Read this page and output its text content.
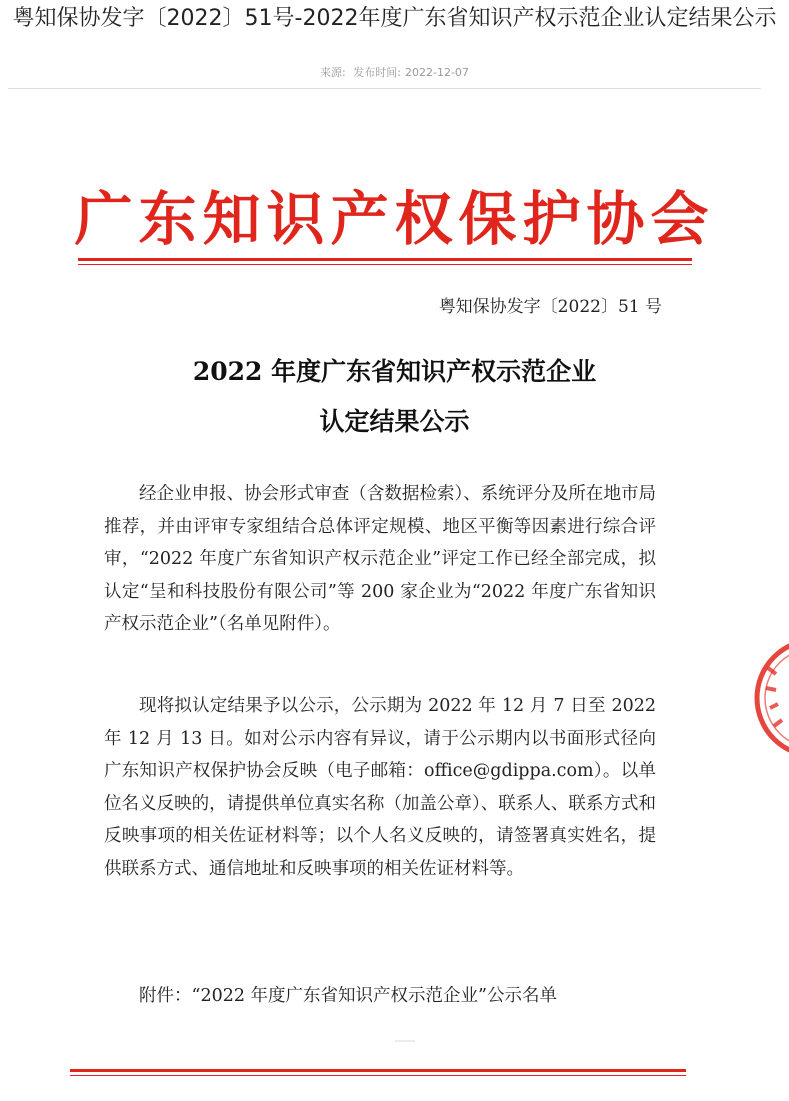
粤知保协发字〔2022〕51号-2022年度广东省知识产权示范企业认定结果公示
来源: 发布时间: 2022-12-07
广东知识产权保护协会
粤知保协发字〔2022〕51 号
2022 年度广东省知识产权示范企业
认定结果公示
经企业申报、协会形式审查（含数据检索）、系统评分及所在地市局推荐，并由评审专家组结合总体评定规模、地区平衡等因素进行综合评审，“2022 年度广东省知识产权示范企业”评定工作已经全部完成，拟认定“呈和科技股份有限公司”等 200 家企业为“2022 年度广东省知识产权示范企业”（名单见附件）。
现将拟认定结果予以公示，公示期为 2022 年 12 月 7 日至 2022 年 12 月 13 日。如对公示内容有异议，请于公示期内以书面形式径向广东知识产权保护协会反映（电子邮箱：office@gdippa.com）。以单位名义反映的，请提供单位真实名称（加盖公章）、联系人、联系方式和反映事项的相关佐证材料等；以个人名义反映的，请签署真实姓名，提供联系方式、通信地址和反映事项的相关佐证材料等。
附件：“2022 年度广东省知识产权示范企业”公示名单
